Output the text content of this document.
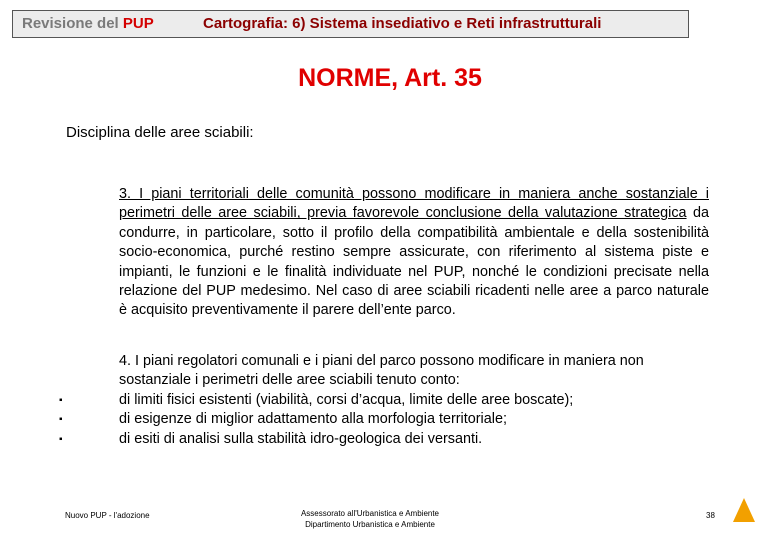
Revisione del PUP	Cartografia: 6) Sistema insediativo e Reti infrastrutturali
NORME, Art. 35
Disciplina delle aree sciabili:

3. I piani territoriali delle comunità possono modificare in maniera anche sostanziale i perimetri delle aree sciabili, previa favorevole conclusione della valutazione strategica da condurre, in particolare, sotto il profilo della compatibilità ambientale e della sostenibilità socio-economica, purché restino sempre assicurate, con riferimento al sistema piste e impianti, le funzioni e le finalità individuate nel PUP, nonché le condizioni precisate nella relazione del PUP medesimo. Nel caso di aree sciabili ricadenti nelle aree a parco naturale è acquisito preventivamente il parere dell’ente parco.

4. I piani regolatori comunali e i piani del parco possono modificare in maniera non sostanziale i perimetri delle aree sciabili tenuto conto:

▪	di limiti fisici esistenti (viabilità, corsi d’acqua, limite delle aree boscate);
▪	di esigenze di miglior adattamento alla morfologia territoriale;
▪	di esiti di analisi sulla stabilità idro-geologica dei versanti.
Nuovo PUP - l'adozione	Assessorato all'Urbanistica e Ambiente
Dipartimento Urbanistica e Ambiente
38
